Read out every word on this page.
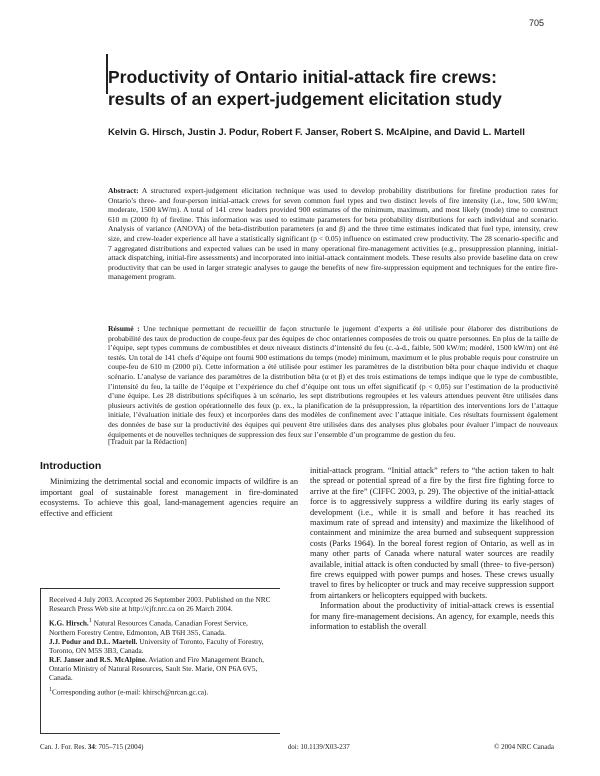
705
Productivity of Ontario initial-attack fire crews: results of an expert-judgement elicitation study

Kelvin G. Hirsch, Justin J. Podur, Robert F. Janser, Robert S. McAlpine, and David L. Martell

Abstract: A structured expert-judgement elicitation technique was used to develop probability distributions for fireline production rates for Ontario’s three- and four-person initial-attack crews for seven common fuel types and two distinct levels of fire intensity (i.e., low, 500 kW/m; moderate, 1500 kW/m). A total of 141 crew leaders provided 900 estimates of the minimum, maximum, and most likely (mode) time to construct 610 m (2000 ft) of fireline. This information was used to estimate parameters for beta probability distributions for each individual and scenario. Analysis of variance (ANOVA) of the beta-distribution parameters (α and β) and the three time estimates indicated that fuel type, intensity, crew size, and crew-leader experience all have a statistically significant (p < 0.05) influence on estimated crew productivity. The 28 scenario-specific and 7 aggregated distributions and expected values can be used in many operational fire-management activities (e.g., presuppression planning, initial-attack dispatching, initial-fire assessments) and incorporated into initial-attack containment models. These results also provide baseline data on crew productivity that can be used in larger strategic analyses to gauge the benefits of new fire-suppression equipment and techniques for the entire fire-management program.

Résumé : Une technique permettant de recueillir de façon structurée le jugement d’experts a été utilisée pour élaborer des distributions de probabilité des taux de production de coupe-feux par des équipes de choc ontariennes composées de trois ou quatre personnes. En plus de la taille de l’équipe, sept types communs de combustibles et deux niveaux distincts d’intensité du feu (c.-à-d., faible, 500 kW/m; modéré, 1500 kW/m) ont été testés. Un total de 141 chefs d’équipe ont fourni 900 estimations du temps (mode) minimum, maximum et le plus probable requis pour construire un coupe-feu de 610 m (2000 pi). Cette information a été utilisée pour estimer les paramètres de la distribution bêta pour chaque individu et chaque scénario. L’analyse de variance des paramètres de la distribution bêta (α et β) et des trois estimations de temps indique que le type de combustible, l’intensité du feu, la taille de l’équipe et l’expérience du chef d’équipe ont tous un effet significatif (p < 0,05) sur l’estimation de la productivité d’une équipe. Les 28 distributions spécifiques à un scénario, les sept distributions regroupées et les valeurs attendues peuvent être utilisées dans plusieurs activités de gestion opérationnelle des feux (p. ex., la planification de la présuppression, la répartition des interventions lors de l’attaque initiale, l’évaluation initiale des feux) et incorporées dans des modèles de confinement avec l’attaque initiale. Ces résultats fournissent également des données de base sur la productivité des équipes qui peuvent être utilisées dans des analyses plus globales pour évaluer l’impact de nouveaux équipements et de nouvelles techniques de suppression des feux sur l’ensemble d’un programme de gestion du feu.

[Traduit par la Rédaction]
Introduction

Minimizing the detrimental social and economic impacts of wildfire is an important goal of sustainable forest management in fire-dominated ecosystems. To achieve this goal, land-management agencies require an effective and efficient

Received 4 July 2003. Accepted 26 September 2003. Published on the NRC Research Press Web site at http://cjfr.nrc.ca on 26 March 2004.

K.G. Hirsch.$^1$ Natural Resources Canada, Canadian Forest Service, Northern Forestry Centre, Edmonton, AB T6H 3S5, Canada.

J.J. Podur and D.L. Martell. University of Toronto, Faculty of Forestry, Toronto, ON M5S 3B3, Canada.

R.F. Janser and R.S. McAlpine. Aviation and Fire Management Branch, Ontario Ministry of Natural Resources, Sault Ste. Marie, ON P6A 6V5, Canada.

$^1$Corresponding author (e-mail: khirsch@nrcan.gc.ca).

initial-attack program. “Initial attack” refers to “the action taken to halt the spread or potential spread of a fire by the first fire fighting force to arrive at the fire” (CIFFC 2003, p. 29). The objective of the initial-attack force is to aggressively suppress a wildfire during its early stages of development (i.e., while it is small and before it has reached its maximum rate of spread and intensity) and maximize the likelihood of containment and minimize the area burned and subsequent suppression costs (Parks 1964). In the boreal forest region of Ontario, as well as in many other parts of Canada where natural water sources are readily available, initial attack is often conducted by small (three- to five-person) fire crews equipped with power pumps and hoses. These crews usually travel to fires by helicopter or truck and may receive suppression support from airtankers or helicopters equipped with buckets.

Information about the productivity of initial-attack crews is essential for many fire-management decisions. An agency, for example, needs this information to establish the overall

Can. J. For. Res. 34: 705–715 (2004)	doi: 10.1139/X03-237	© 2004 NRC Canada
